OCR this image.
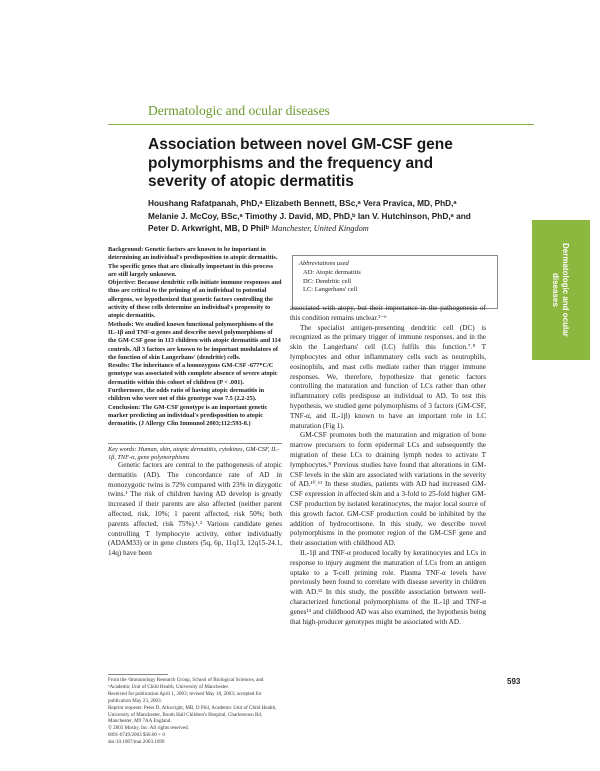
Dermatologic and ocular diseases
Association between novel GM-CSF gene polymorphisms and the frequency and severity of atopic dermatitis
Houshang Rafatpanah, PhD,ᵃ Elizabeth Bennett, BSc,ᵃ Vera Pravica, MD, PhD,ᵃ Melanie J. McCoy, BSc,ᵃ Timothy J. David, MD, PhD,ᵇ Ian V. Hutchinson, PhD,ᵃ and Peter D. Arkwright, MB, D Philᵇ Manchester, United Kingdom

Background: Genetic factors are known to be important in determining an individual's predisposition to atopic dermatitis. The specific genes that are clinically important in this process are still largely unknown.

Objective: Because dendritic cells initiate immune responses and thus are critical to the priming of an individual to potential allergens, we hypothesized that genetic factors controlling the activity of these cells determine an individual's propensity to atopic dermatitis.

Methods: We studied known functional polymorphisms of the IL-1β and TNF-α genes and describe novel polymorphisms of the GM-CSF gene in 113 children with atopic dermatitis and 114 controls. All 3 factors are known to be important modulators of the function of skin Langerhans' (dendritic) cells.

Results: The inheritance of a homozygous GM-CSF -677*C/C genotype was associated with complete absence of severe atopic dermatitis within this cohort of children (P < .001). Furthermore, the odds ratio of having atopic dermatitis in children who were not of this genotype was 7.5 (2.2-25).

Conclusion: The GM-CSF genotype is an important genetic marker predicting an individual's predisposition to atopic dermatitis. (J Allergy Clin Immunol 2003;112:593-8.)

Key words: Human, skin, atopic dermatitis, cytokines, GM-CSF, IL-1β, TNF-α, gene polymorphisms

Genetic factors are central to the pathogenesis of atopic dermatitis (AD). The concordance rate of AD in monozygotic twins is 72% compared with 23% in dizygotic twins.¹ The risk of children having AD develop is greatly increased if their parents are also affected (neither parent affected, risk, 10%; 1 parent affected, risk 50%; both parents affected, risk 75%).¹˒² Various candidate genes controlling T lymphocyte activity, either individually (ADAM33) or in gene clusters (5q, 6p, 11q13, 12q15-24.1, 14q) have been

From the ᵃImmunology Research Group, School of Biological Sciences, and ᵇAcademic Unit of Child Health, University of Manchester.

Received for publication April 1, 2003; revised May 18, 2003; accepted for publication May 23, 2003.

Reprint requests: Peter D. Arkwright, MB, D Phil, Academic Unit of Child Health, University of Manchester, Booth Hall Children's Hospital, Charlestown Rd, Manchester, M9 7AA England.

© 2003 Mosby, Inc. All rights reserved.

0091-6749/2003 $30.00 + 0

doi:10.1067/mai.2003.1699

Abbreviations used
AD: Atopic dermatitis
DC: Dendritic cell
LC: Langerhans' cell

associated with atopy, but their importance in the pathogenesis of this condition remains unclear.³⁻⁶

The specialist antigen-presenting dendritic cell (DC) is recognized as the primary trigger of immune responses, and in the skin the Langerhans' cell (LC) fulfils this function.⁷˒⁸ T lymphocytes and other inflammatory cells such as neutrophils, eosinophils, and mast cells mediate rather than trigger immune responses. We, therefore, hypothesize that genetic factors controlling the maturation and function of LCs rather than other inflammatory cells predispose an individual to AD. To test this hypothesis, we studied gene polymorphisms of 3 factors (GM-CSF, TNF-α, and IL-1β) known to have an important role in LC maturation (Fig 1).

GM-CSF promotes both the maturation and migration of bone marrow precursors to form epidermal LCs and subsequently the migration of these LCs to draining lymph nodes to activate T lymphocytes.⁹ Previous studies have found that alterations in GM-CSF levels in the skin are associated with variations in the severity of AD.¹⁰˒¹¹ In these studies, patients with AD had increased GM-CSF expression in affected skin and a 3-fold to 25-fold higher GM-CSF production by isolated keratinocytes, the major local source of this growth factor. GM-CSF production could be inhibited by the addition of hydrocortisone. In this study, we describe novel polymorphisms in the promoter region of the GM-CSF gene and their association with childhood AD.

IL-1β and TNF-α produced locally by keratinocytes and LCs in response to injury augment the maturation of LCs from an antigen uptake to a T-cell priming role. Plasma TNF-α levels have previously been found to correlate with disease severity in children with AD.¹² In this study, the possible association between well-characterized functional polymorphisms of the IL-1β and TNF-α genes¹⁴ and childhood AD was also examined, the hypothesis being that high-producer genotypes might be associated with AD.

Dermatologic and ocular diseases
593
